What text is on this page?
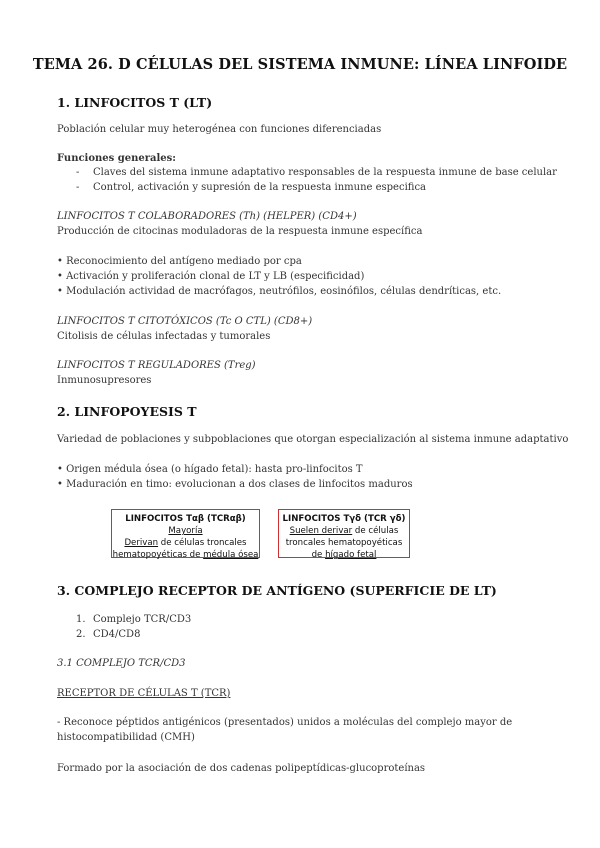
TEMA 26. D CÉLULAS DEL SISTEMA INMUNE: LÍNEA LINFOIDE
1. LINFOCITOS T (LT)
Población celular muy heterogénea con funciones diferenciadas
Funciones generales:
- Claves del sistema inmune adaptativo responsables de la respuesta inmune de base celular
- Control, activación y supresión de la respuesta inmune especifica
LINFOCITOS T COLABORADORES (Th) (HELPER) (CD4+)
Producción de citocinas moduladoras de la respuesta inmune específica
• Reconocimiento del antígeno mediado por cpa
• Activación y proliferación clonal de LT y LB (especificidad)
• Modulación actividad de macrófagos, neutrófilos, eosinófilos, células dendríticas, etc.
LINFOCITOS T CITOTÓXICOS (Tc O CTL) (CD8+)
Citolisis de células infectadas y tumorales
LINFOCITOS T REGULADORES (Treg)
Inmunosupresores
2. LINFOPOYESIS T
Variedad de poblaciones y subpoblaciones que otorgan especialización al sistema inmune adaptativo
• Origen médula ósea (o hígado fetal): hasta pro-linfocitos T
• Maduración en timo: evolucionan a dos clases de linfocitos maduros
LINFOCITOS Tαβ (TCRαβ)
Mayoría
Derivan de células troncales
hematopoyéticas de médula ósea
LINFOCITOS Tγδ (TCR γδ)
Suelen derivar de células
troncales hematopoyéticas
de hígado fetal
3. COMPLEJO RECEPTOR DE ANTÍGENO (SUPERFICIE DE LT)
1. Complejo TCR/CD3
2. CD4/CD8
3.1 COMPLEJO TCR/CD3
RECEPTOR DE CÉLULAS T (TCR)
- Reconoce péptidos antigénicos (presentados) unidos a moléculas del complejo mayor de
histocompatibilidad (CMH)
Formado por la asociación de dos cadenas polipeptídicas-glucoproteínas
